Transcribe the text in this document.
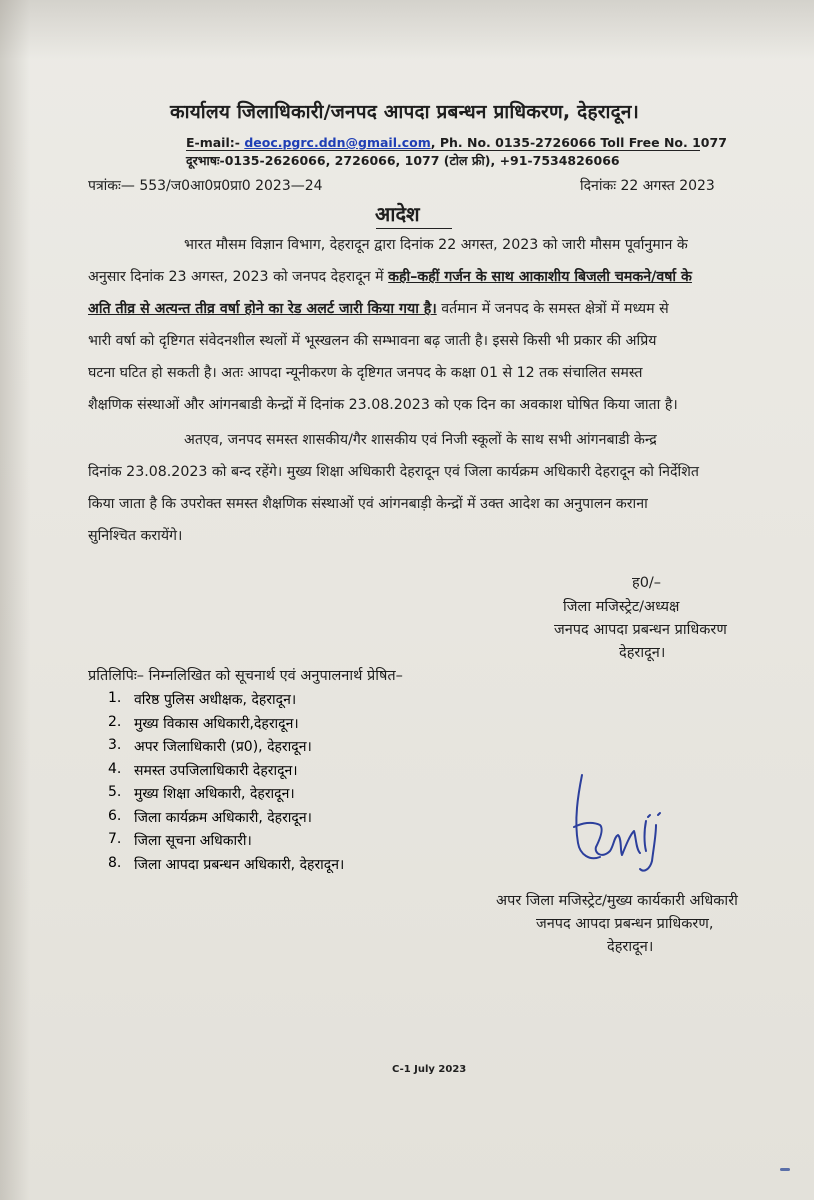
कार्यालय जिलाधिकारी/जनपद आपदा प्रबन्धन प्राधिकरण, देहरादून।
E-mail:- deoc.pgrc.ddn@gmail.com, Ph. No. 0135-2726066 Toll Free No. 1077
दूरभाषः-0135-2626066, 2726066, 1077 (टोल फ्री), +91-7534826066
पत्रांकः— 553/ज0आ0प्र0प्रा0 2023—24	दिनांकः 22 अगस्त 2023
आदेश
भारत मौसम विज्ञान विभाग, देहरादून द्वारा दिनांक 22 अगस्त, 2023 को जारी मौसम पूर्वानुमान के
अनुसार दिनांक 23 अगस्त, 2023 को जनपद देहरादून में कही–कहीं गर्जन के साथ आकाशीय बिजली चमकने/वर्षा के
अति तीव्र से अत्यन्त तीव्र वर्षा होने का रेड अलर्ट जारी किया गया है। वर्तमान में जनपद के समस्त क्षेत्रों में मध्यम से
भारी वर्षा को दृष्टिगत संवेदनशील स्थलों में भूस्खलन की सम्भावना बढ़ जाती है। इससे किसी भी प्रकार की अप्रिय
घटना घटित हो सकती है। अतः आपदा न्यूनीकरण के दृष्टिगत जनपद के कक्षा 01 से 12 तक संचालित समस्त
शैक्षणिक संस्थाओं और आंगनबाडी केन्द्रों में दिनांक 23.08.2023 को एक दिन का अवकाश घोषित किया जाता है।
अतएव, जनपद समस्त शासकीय/गैर शासकीय एवं निजी स्कूलों के साथ सभी आंगनबाडी केन्द्र
दिनांक 23.08.2023 को बन्द रहेंगे। मुख्य शिक्षा अधिकारी देहरादून एवं जिला कार्यक्रम अधिकारी देहरादून को निर्देशित
किया जाता है कि उपरोक्त समस्त शैक्षणिक संस्थाओं एवं आंगनबाड़ी केन्द्रों में उक्त आदेश का अनुपालन कराना
सुनिश्चित करायेंगे।
ह0/–
जिला मजिस्ट्रेट/अध्यक्ष
जनपद आपदा प्रबन्धन प्राधिकरण
देहरादून।
प्रतिलिपिः– निम्नलिखित को सूचनार्थ एवं अनुपालनार्थ प्रेषित–
1. वरिष्ठ पुलिस अधीक्षक, देहरादून।
2. मुख्य विकास अधिकारी,देहरादून।
3. अपर जिलाधिकारी (प्र0), देहरादून।
4. समस्त उपजिलाधिकारी देहरादून।
5. मुख्य शिक्षा अधिकारी, देहरादून।
6. जिला कार्यक्रम अधिकारी, देहरादून।
7. जिला सूचना अधिकारी।
8. जिला आपदा प्रबन्धन अधिकारी, देहरादून।
अपर जिला मजिस्ट्रेट/मुख्य कार्यकारी अधिकारी
जनपद आपदा प्रबन्धन प्राधिकरण,
देहरादून।
C-1 July 2023
